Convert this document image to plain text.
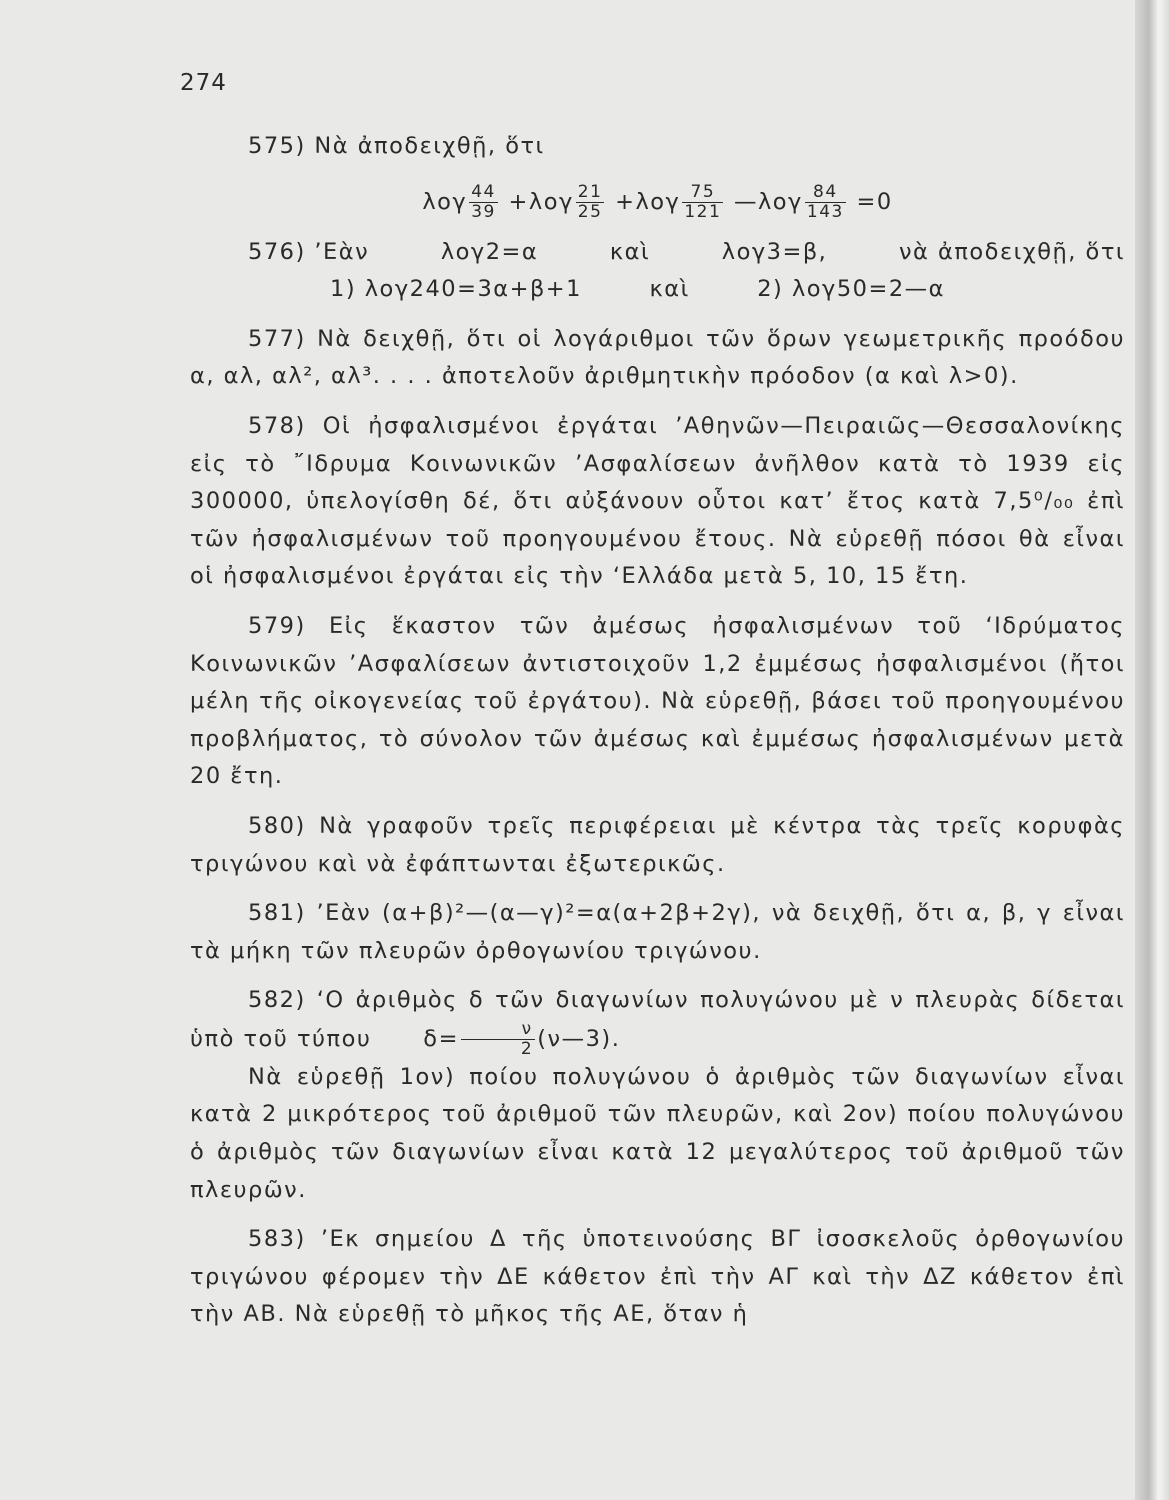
274

575) Νὰ ἀποδειχθῇ, ὅτι

λογ $\frac{44}{39} +\lambda o\gamma \frac{21}{25} +\lambda o\gamma \frac{75}{121}$ —λογ $\frac{84}{143} =0$

576) ’Εὰν	λογ2=α	καὶ	λογ3=β,	νὰ ἀποδειχθῇ, ὅτι

1) λογ240=3α+β+1	καὶ	2) λογ50=2—α

577) Νὰ δειχθῇ, ὅτι οἱ λογάριθμοι τῶν ὅρων γεωμετρικῆς προόδου α, αλ, αλ², αλ³. . . . ἀποτελοῦν ἀριθμητικὴν πρόοδον (α καὶ λ>0).

578) Οἱ ἠσφαλισμένοι ἐργάται ’Αθηνῶν—Πειραιῶς—Θεσσαλονίκης εἰς τὸ ῎Ιδρυμα Κοινωνικῶν ’Ασφαλίσεων ἀνῆλθον κατὰ τὸ 1939 εἰς 300000, ὑπελογίσθη δέ, ὅτι αὐξάνουν οὗτοι κατ’ ἔτος κατὰ 7,5⁰/₀₀ ἐπὶ τῶν ἠσφαλισμένων τοῦ προηγουμένου ἔτους. Νὰ εὑρεθῇ πόσοι θὰ εἶναι οἱ ἠσφαλισμένοι ἐργάται εἰς τὴν ‘Ελλάδα μετὰ 5, 10, 15 ἔτη.

579) Εἰς ἕκαστον τῶν ἀμέσως ἠσφαλισμένων τοῦ ‘Ιδρύματος Κοινωνικῶν ’Ασφαλίσεων ἀντιστοιχοῦν 1,2 ἐμμέσως ἠσφαλισμένοι (ἤτοι μέλη τῆς οἰκογενείας τοῦ ἐργάτου). Νὰ εὑρεθῇ, βάσει τοῦ προηγουμένου προβλήματος, τὸ σύνολον τῶν ἀμέσως καὶ ἐμμέσως ἠσφαλισμένων μετὰ 20 ἔτη.

580) Νὰ γραφοῦν τρεῖς περιφέρειαι μὲ κέντρα τὰς τρεῖς κορυφὰς τριγώνου καὶ νὰ ἐφάπτωνται ἐξωτερικῶς.

581) ’Εὰν (α+β)²—(α—γ)²=α(α+2β+2γ), νὰ δειχθῇ, ὅτι α, β, γ εἶναι τὰ μήκη τῶν πλευρῶν ὀρθογωνίου τριγώνου.

582) ‘Ο ἀριθμὸς δ τῶν διαγωνίων πολυγώνου μὲ ν πλευρὰς δίδεται ὑπὸ τοῦ τύπου $\delta= \frac{\nu}{2}$ (ν—3).

Νὰ εὑρεθῇ 1ον) ποίου πολυγώνου ὁ ἀριθμὸς τῶν διαγωνίων εἶναι κατὰ 2 μικρότερος τοῦ ἀριθμοῦ τῶν πλευρῶν, καὶ 2ον) ποίου πολυγώνου ὁ ἀριθμὸς τῶν διαγωνίων εἶναι κατὰ 12 μεγαλύτερος τοῦ ἀριθμοῦ τῶν πλευρῶν.

583) ’Εκ σημείου Δ τῆς ὑποτεινούσης ΒΓ ἰσοσκελοῦς ὀρθογωνίου τριγώνου φέρομεν τὴν ΔΕ κάθετον ἐπὶ τὴν ΑΓ καὶ τὴν ΔΖ κάθετον ἐπὶ τὴν ΑΒ. Νὰ εὑρεθῇ τὸ μῆκος τῆς ΑΕ, ὅταν ἡ
